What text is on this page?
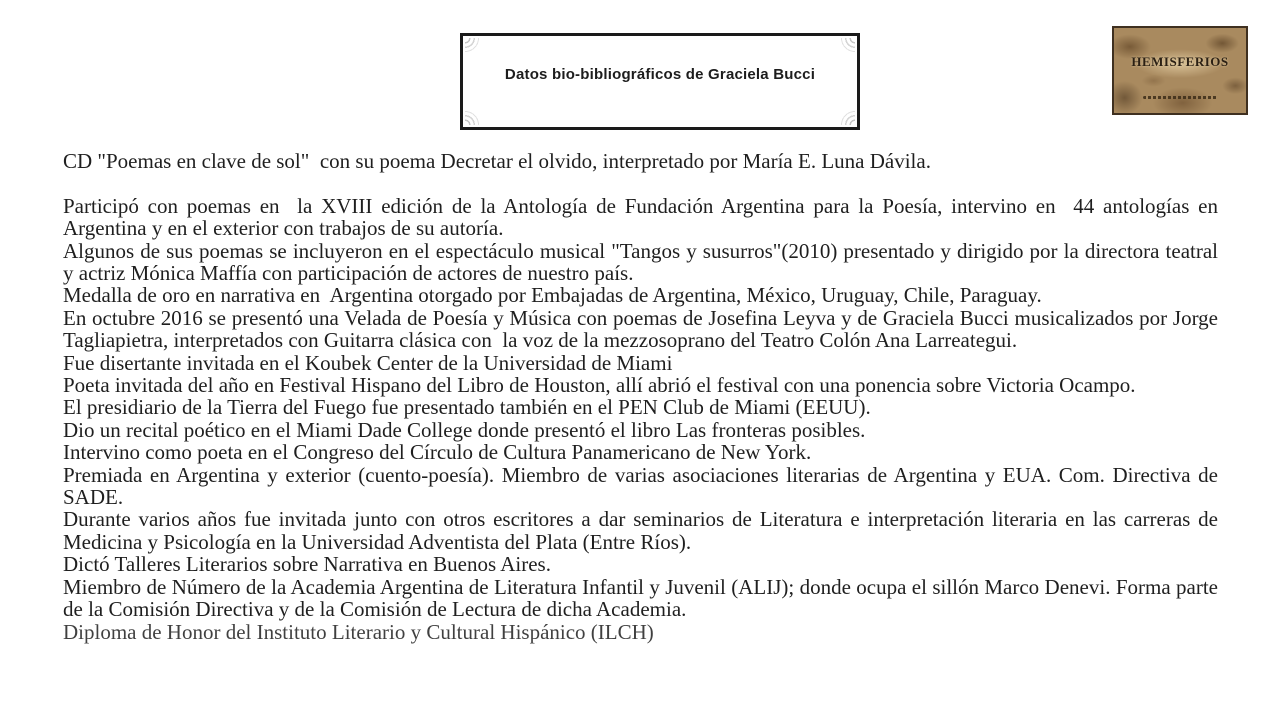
Datos bio-bibliográficos de Graciela Bucci
HEMISFERIOS

CD "Poemas en clave de sol"  con su poema Decretar el olvido, interpretado por María E. Luna Dávila.

Participó con poemas en  la XVIII edición de la Antología de Fundación Argentina para la Poesía, intervino en  44 antologías en Argentina y en el exterior con trabajos de su autoría.

Algunos de sus poemas se incluyeron en el espectáculo musical "Tangos y susurros"(2010) presentado y dirigido por la directora teatral y actriz Mónica Maffía con participación de actores de nuestro país.

Medalla de oro en narrativa en  Argentina otorgado por Embajadas de Argentina, México, Uruguay, Chile, Paraguay.

En octubre 2016 se presentó una Velada de Poesía y Música con poemas de Josefina Leyva y de Graciela Bucci musicalizados por Jorge Tagliapietra, interpretados con Guitarra clásica con  la voz de la mezzosoprano del Teatro Colón Ana Larreategui.

Fue disertante invitada en el Koubek Center de la Universidad de Miami

Poeta invitada del año en Festival Hispano del Libro de Houston, allí abrió el festival con una ponencia sobre Victoria Ocampo.

El presidiario de la Tierra del Fuego fue presentado también en el PEN Club de Miami (EEUU).

Dio un recital poético en el Miami Dade College donde presentó el libro Las fronteras posibles.

Intervino como poeta en el Congreso del Círculo de Cultura Panamericano de New York.

Premiada en Argentina y exterior (cuento-poesía). Miembro de varias asociaciones literarias de Argentina y EUA. Com. Directiva de SADE.

Durante varios años fue invitada junto con otros escritores a dar seminarios de Literatura e interpretación literaria en las carreras de Medicina y Psicología en la Universidad Adventista del Plata (Entre Ríos).

Dictó Talleres Literarios sobre Narrativa en Buenos Aires.

Miembro de Número de la Academia Argentina de Literatura Infantil y Juvenil (ALIJ); donde ocupa el sillón Marco Denevi. Forma parte de la Comisión Directiva y de la Comisión de Lectura de dicha Academia.

Diploma de Honor del Instituto Literario y Cultural Hispánico (ILCH)
